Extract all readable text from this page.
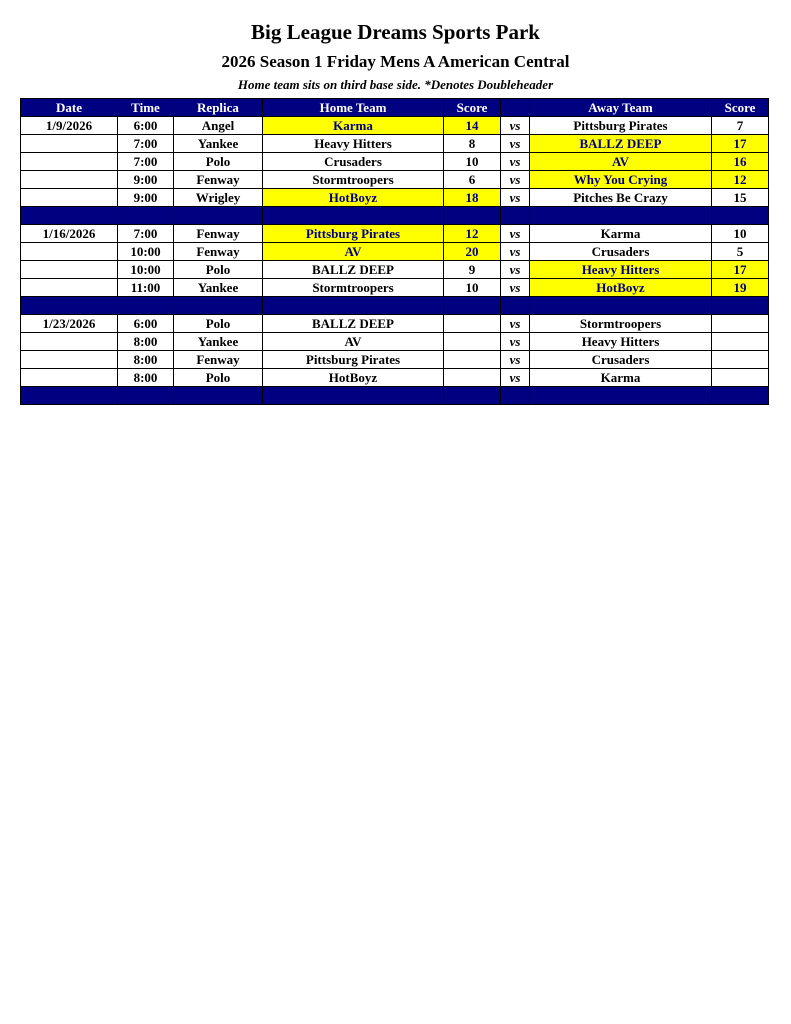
Big League Dreams Sports Park
2026 Season 1 Friday Mens A American Central
Home team sits on third base side. *Denotes Doubleheader
Date	Time	Replica	Home Team	Score		Away Team	Score
1/9/2026	6:00	Angel	Karma	14	vs	Pittsburg Pirates	7
	7:00	Yankee	Heavy Hitters	8	vs	BALLZ DEEP	17
	7:00	Polo	Crusaders	10	vs	AV	16
	9:00	Fenway	Stormtroopers	6	vs	Why You Crying	12
	9:00	Wrigley	HotBoyz	18	vs	Pitches Be Crazy	15

1/16/2026	7:00	Fenway	Pittsburg Pirates	12	vs	Karma	10
	10:00	Fenway	AV	20	vs	Crusaders	5
	10:00	Polo	BALLZ DEEP	9	vs	Heavy Hitters	17
	11:00	Yankee	Stormtroopers	10	vs	HotBoyz	19

1/23/2026	6:00	Polo	BALLZ DEEP		vs	Stormtroopers	
	8:00	Yankee	AV		vs	Heavy Hitters	
	8:00	Fenway	Pittsburg Pirates		vs	Crusaders	
	8:00	Polo	HotBoyz		vs	Karma	
